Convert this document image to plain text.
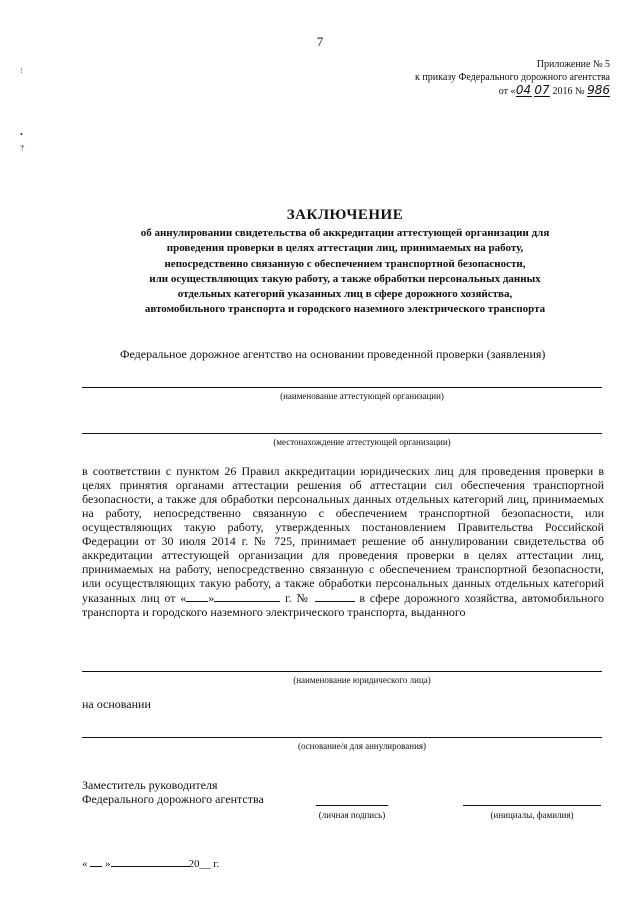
7
Приложение № 5
к приказу Федерального дорожного агентства
от «04 07 2016 № 986
⁝
•
ᛘ
ЗАКЛЮЧЕНИЕ
об аннулировании свидетельства об аккредитации аттестующей организации для
проведения проверки в целях аттестации лиц, принимаемых на работу,
непосредственно связанную с обеспечением транспортной безопасности,
или осуществляющих такую работу, а также обработки персональных данных
отдельных категорий указанных лиц в сфере дорожного хозяйства,
автомобильного транспорта и городского наземного электрического транспорта
Федеральное дорожное агентство на основании проведенной проверки (заявления)
(наименование аттестующей организации)
(местонахождение аттестующей организации)
в соответствии с пунктом 26 Правил аккредитации юридических лиц для проведения проверки в целях принятия органами аттестации решения об аттестации сил обеспечения транспортной безопасности, а также для обработки персональных данных отдельных категорий лиц, принимаемых на работу, непосредственно связанную с обеспечением транспортной безопасности, или осуществляющих такую работу, утвержденных постановлением Правительства Российской Федерации от 30 июля 2014 г. № 725, принимает решение об аннулировании свидетельства об аккредитации аттестующей организации для проведения проверки в целях аттестации лиц, принимаемых на работу, непосредственно связанную с обеспечением транспортной безопасности, или осуществляющих такую работу, а также обработки персональных данных отдельных категорий указанных лиц от « »	г. №	в сфере дорожного хозяйства, автомобильного транспорта и городского наземного электрического транспорта, выданного
(наименование юридического лица)
на основании
(основание/я для аннулирования)
Заместитель руководителя
Федерального дорожного агентства
(личная подпись)	(инициалы, фамилия)
« »	20__ г.
